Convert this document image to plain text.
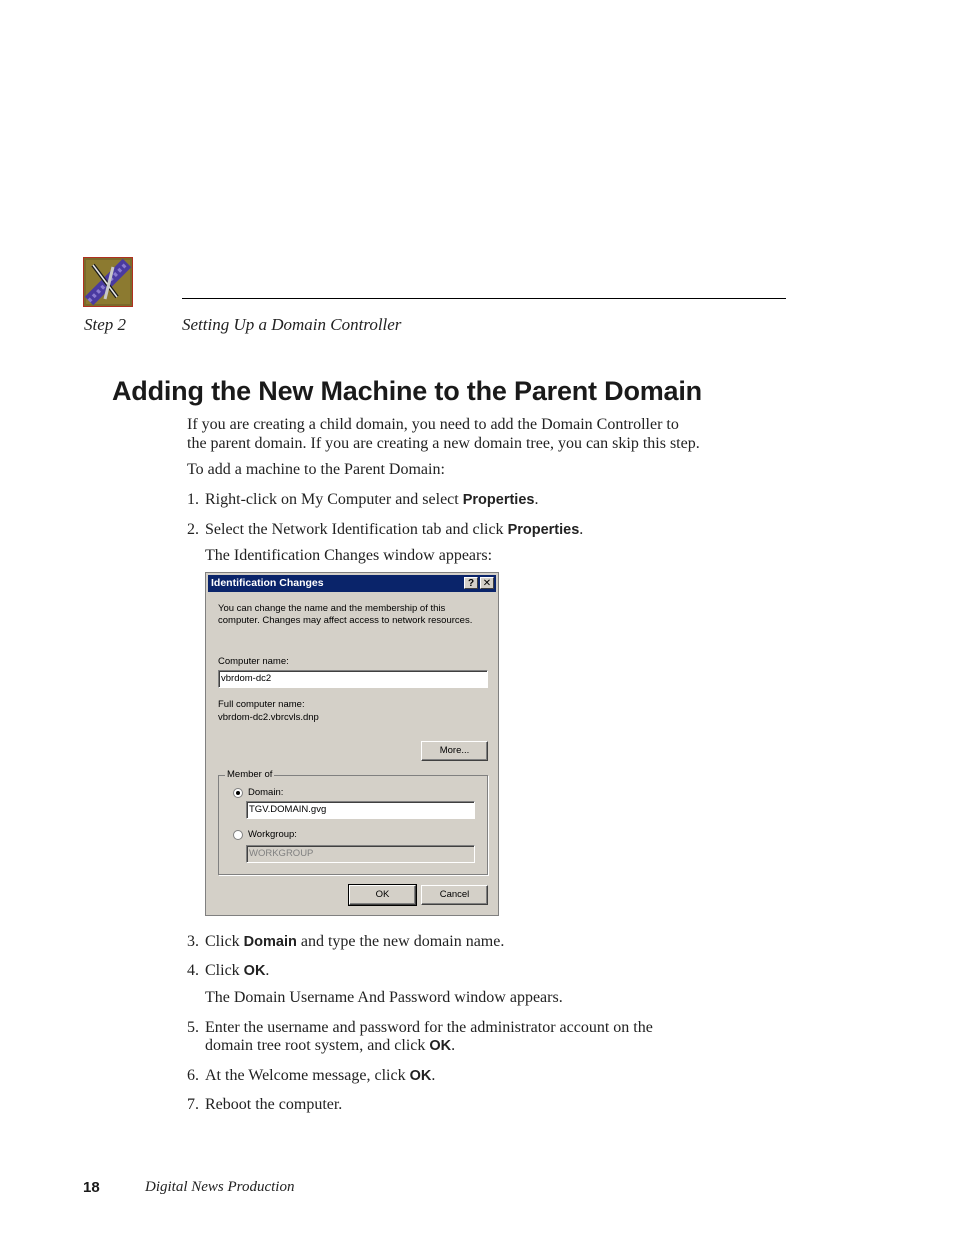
Step 2	Setting Up a Domain Controller
Adding the New Machine to the Parent Domain
If you are creating a child domain, you need to add the Domain Controller to
the parent domain. If you are creating a new domain tree, you can skip this step.
To add a machine to the Parent Domain:
1. Right-click on My Computer and select Properties.
2. Select the Network Identification tab and click Properties.
The Identification Changes window appears:
Identification Changes	? ✕
You can change the name and the membership of this
computer. Changes may affect access to network resources.
Computer name:
vbrdom-dc2
Full computer name:
vbrdom-dc2.vbrcvls.dnp
More...
Member of
Domain:
TGV.DOMAIN.gvg
Workgroup:
WORKGROUP
OK	Cancel
3. Click Domain and type the new domain name.
4. Click OK.
The Domain Username And Password window appears.
5. Enter the username and password for the administrator account on the
domain tree root system, and click OK.
6. At the Welcome message, click OK.
7. Reboot the computer.
18	Digital News Production
